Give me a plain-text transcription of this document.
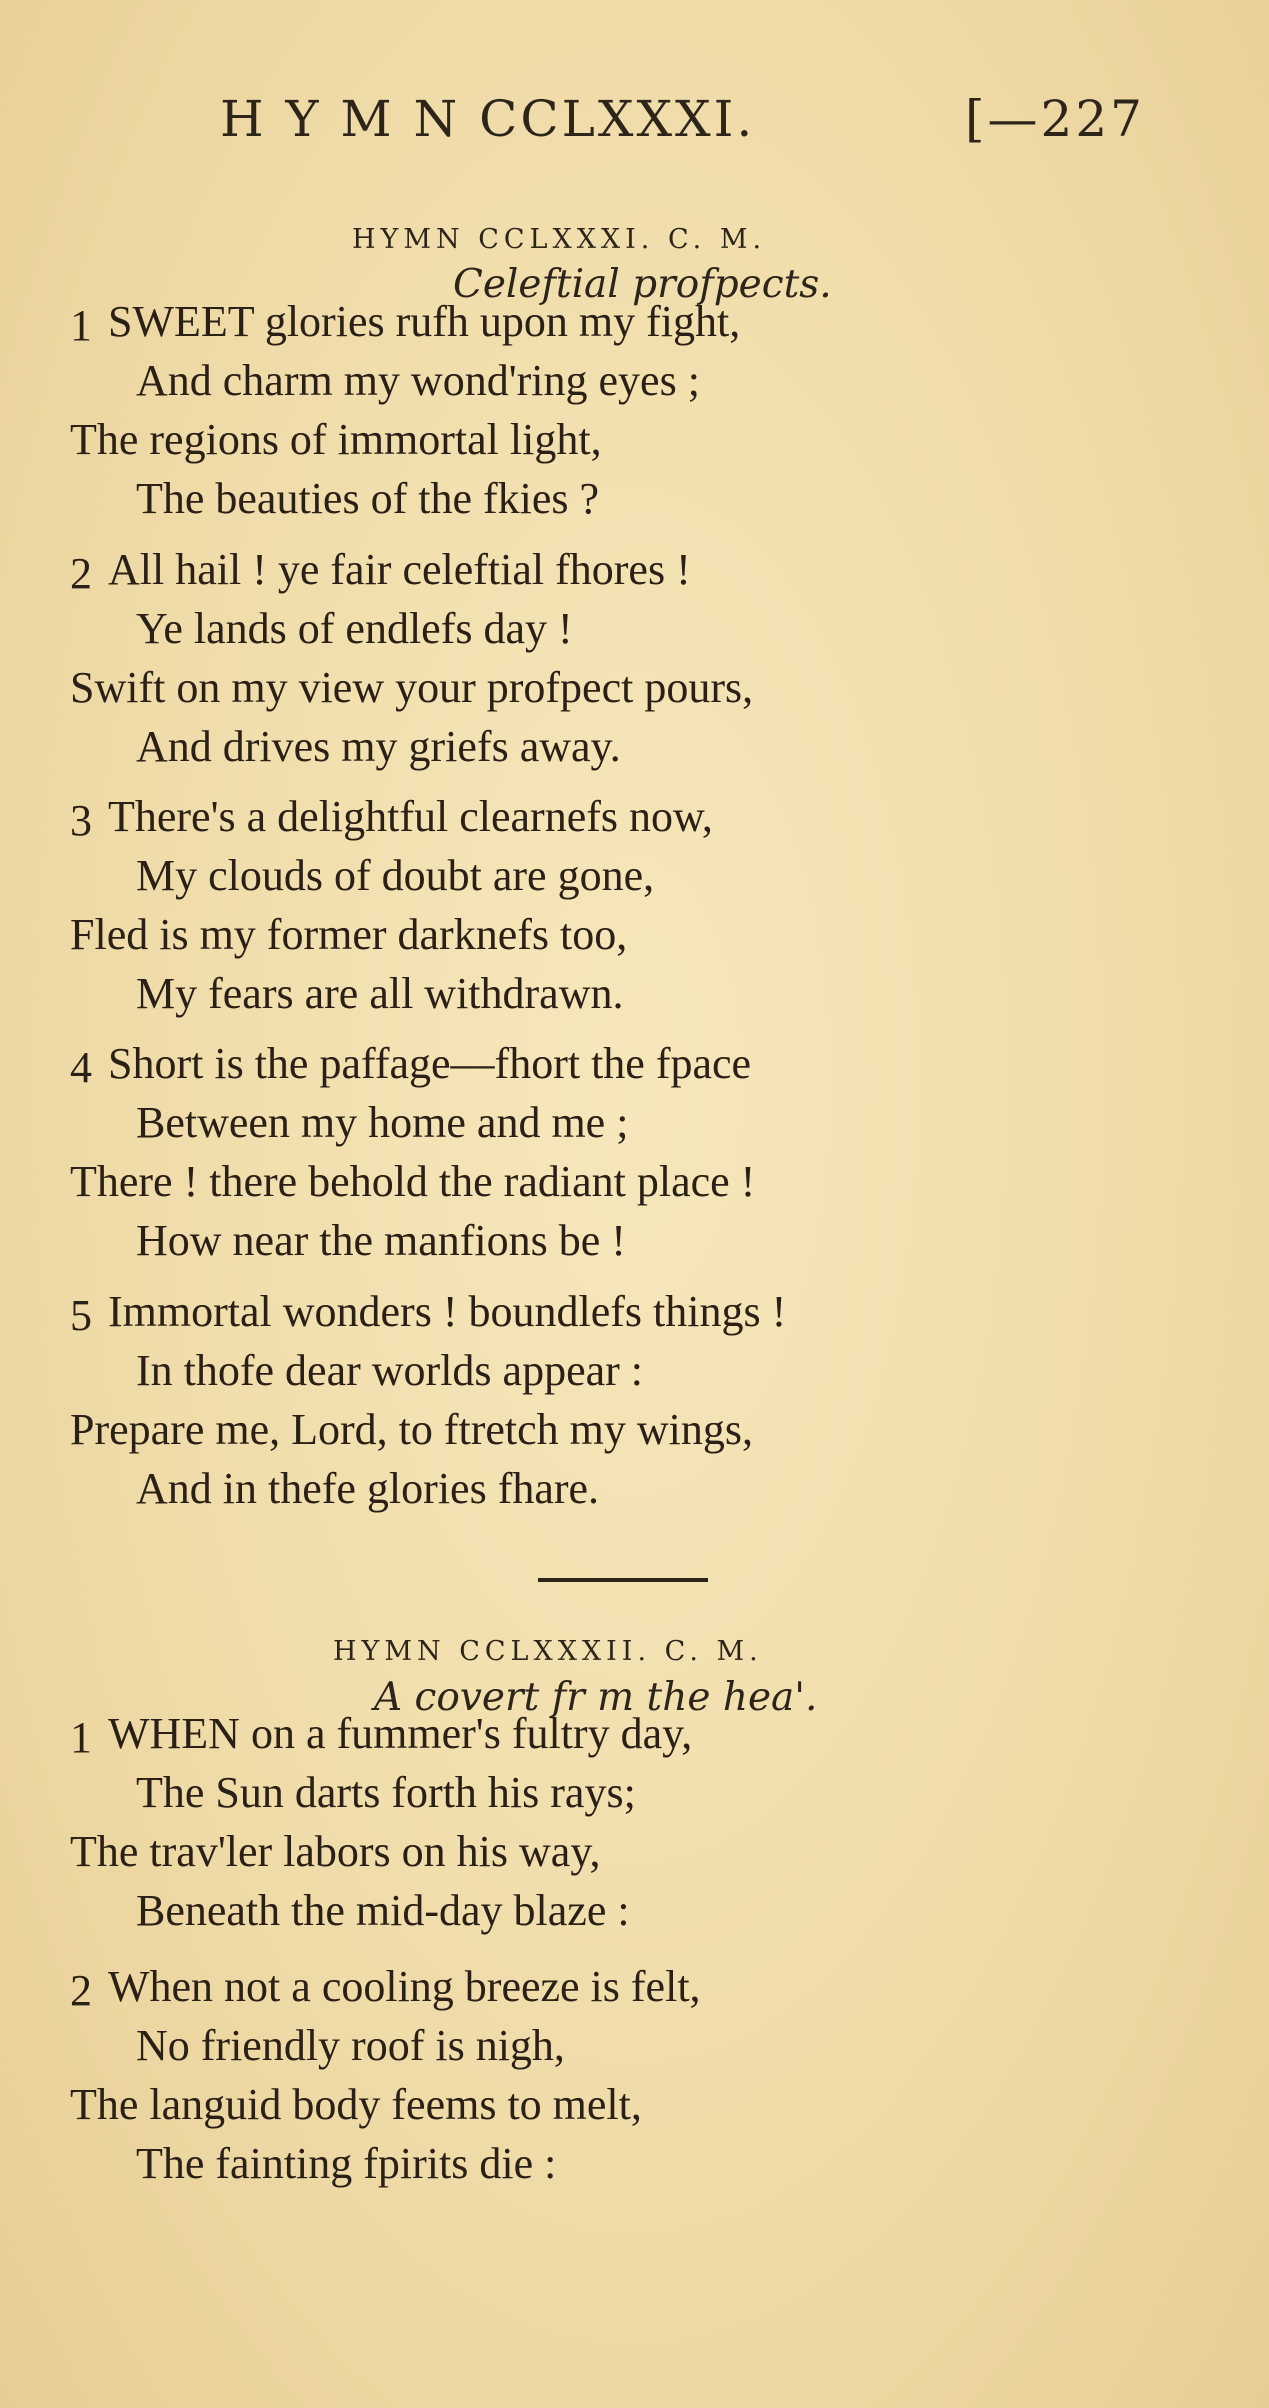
H Y M N CCLXXXI.	[—227
HYMN CCLXXXI. C. M.
Celeftial profpects.
1 SWEET glories rufh upon my fight,
And charm my wond'ring eyes ;
The regions of immortal light,
The beauties of the fkies ?
2 All hail ! ye fair celeftial fhores !
Ye lands of endlefs day !
Swift on my view your profpect pours,
And drives my griefs away.
3 There's a delightful clearnefs now,
My clouds of doubt are gone,
Fled is my former darknefs too,
My fears are all withdrawn.
4 Short is the paffage—fhort the fpace
Between my home and me ;
There ! there behold the radiant place !
How near the manfions be !
5 Immortal wonders ! boundlefs things !
In thofe dear worlds appear :
Prepare me, Lord, to ftretch my wings,
And in thefe glories fhare.
HYMN CCLXXXII. C. M.
A covert fr m the hea'.
1 WHEN on a fummer's fultry day,
The Sun darts forth his rays;
The trav'ler labors on his way,
Beneath the mid-day blaze :
2 When not a cooling breeze is felt,
No friendly roof is nigh,
The languid body feems to melt,
The fainting fpirits die :
